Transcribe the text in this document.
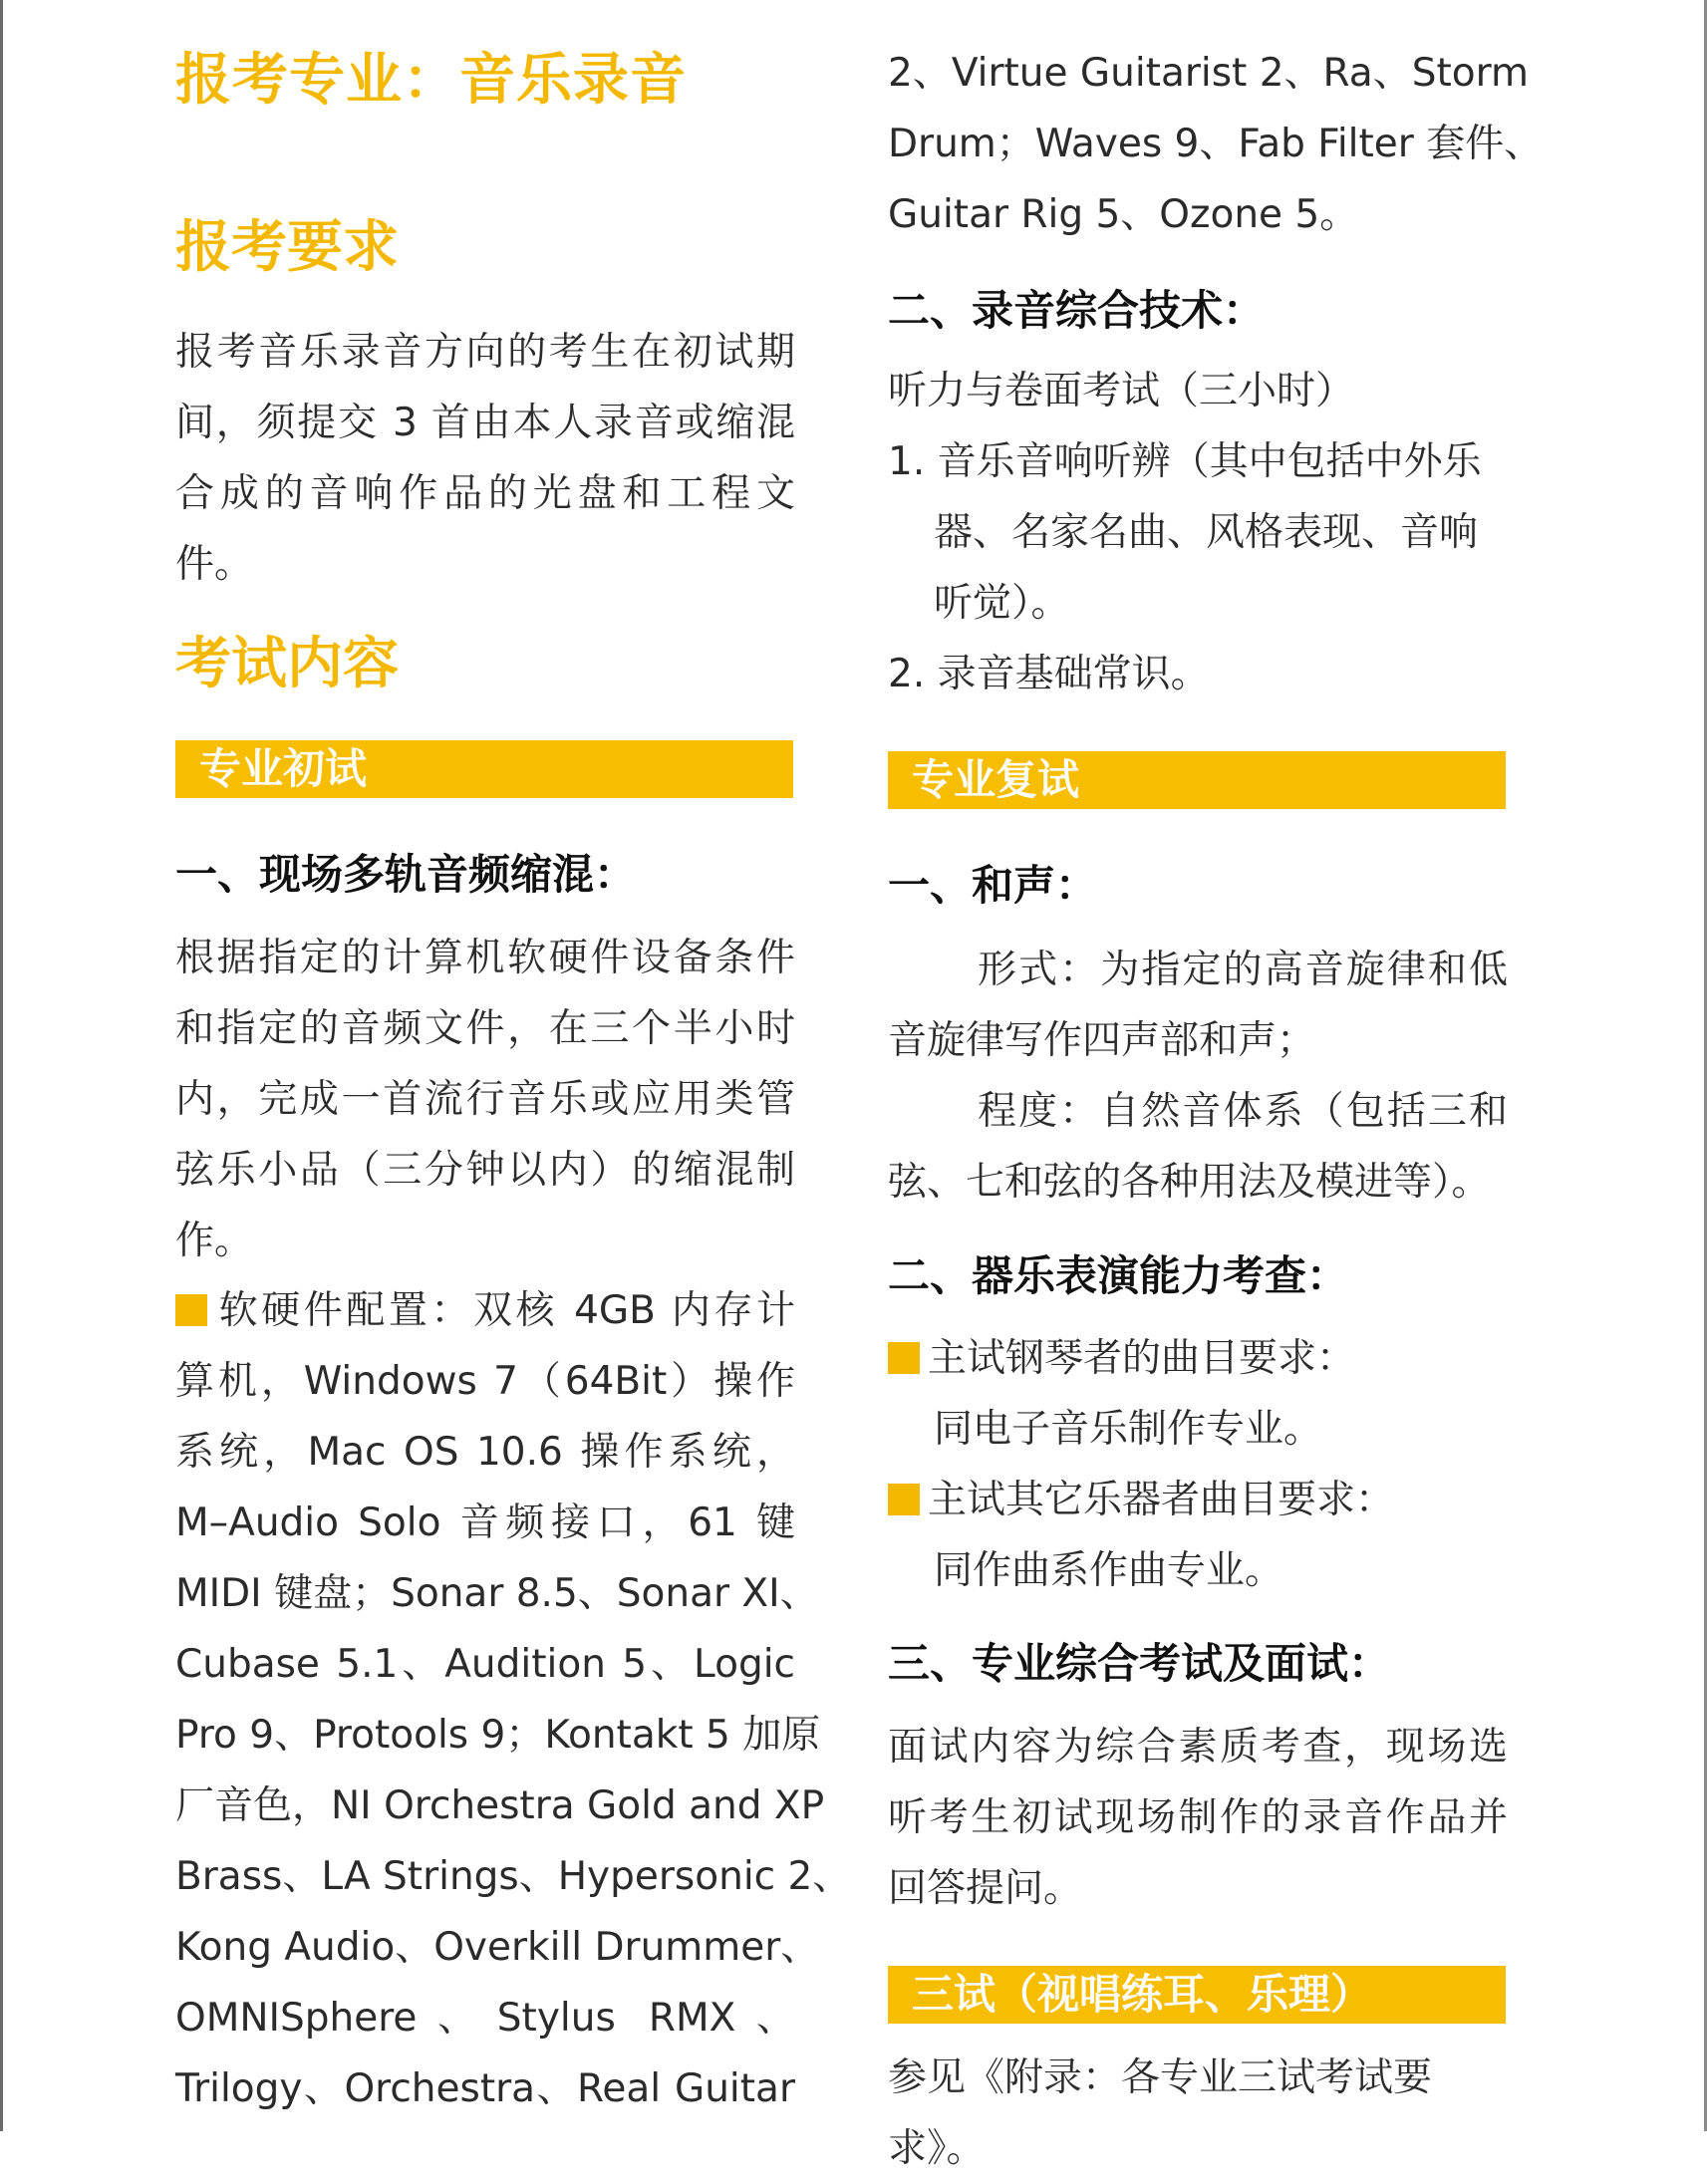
报考专业：音乐录音
报考要求

报考音乐录音方向的考生在初试期间，须提交 3 首由本人录音或缩混合成的音响作品的光盘和工程文件。

考试内容
专业初试
一、现场多轨音频缩混：

根据指定的计算机软硬件设备条件和指定的音频文件，在三个半小时内，完成一首流行音乐或应用类管弦乐小品（三分钟以内）的缩混制作。

软硬件配置：双核 4GB 内存计
算机，Windows 7（64Bit）操作
系统，Mac OS 10.6 操作系统，
M–Audio Solo 音频接口，61 键
MIDI 键盘；Sonar 8.5、Sonar XI、
Cubase 5.1、Audition 5、Logic
Pro 9、Protools 9；Kontakt 5 加原
厂音色，NI Orchestra Gold and XP
Brass、LA Strings、Hypersonic 2、
Kong Audio、Overkill Drummer、
OMNISphere、Stylus RMX、
Trilogy、Orchestra、Real Guitar
2、Virtue Guitarist 2、Ra、Storm
Drum；Waves 9、Fab Filter 套件、
Guitar Rig 5、Ozone 5。
二、录音综合技术：

听力与卷面考试（三小时）

1. 音乐音响听辨（其中包括中外乐
器、名家名曲、风格表现、音响
听觉）。

2. 录音基础常识。

专业复试
一、和声：

形式：为指定的高音旋律和低音旋律写作四声部和声；

程度：自然音体系（包括三和弦、七和弦的各种用法及模进等）。

二、器乐表演能力考查：
主试钢琴者的曲目要求：
同电子音乐制作专业。
主试其它乐器者曲目要求：
同作曲系作曲专业。
三、专业综合考试及面试：

面试内容为综合素质考查，现场选听考生初试现场制作的录音作品并回答提问。

三试（视唱练耳、乐理）

参见《附录：各专业三试考试要求》。
